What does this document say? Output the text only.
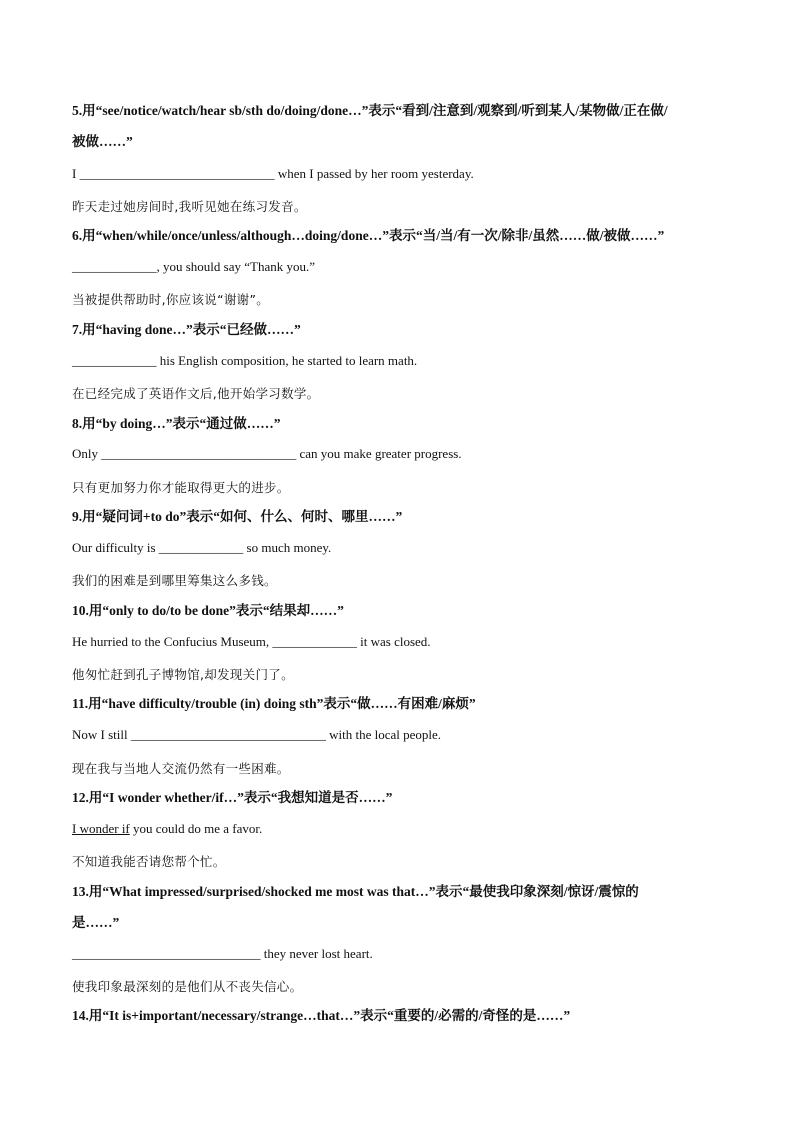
5.用“see/notice/watch/hear sb/sth do/doing/done…”表示“看到/注意到/观察到/听到某人/某物做/正在做/
被做……”
I ______________________________ when I passed by her room yesterday.
昨天走过她房间时,我听见她在练习发音。
6.用“when/while/once/unless/although…doing/done…”表示“当/当/有一次/除非/虽然……做/被做……”
_____________, you should say “Thank you.”
当被提供帮助时,你应该说“谢谢”。
7.用“having done…”表示“已经做……”
_____________ his English composition, he started to learn math.
在已经完成了英语作文后,他开始学习数学。
8.用“by doing…”表示“通过做……”
Only ______________________________ can you make greater progress.
只有更加努力你才能取得更大的进步。
9.用“疑问词+to do”表示“如何、什么、何时、哪里……”
Our difficulty is _____________ so much money.
我们的困难是到哪里筹集这么多钱。
10.用“only to do/to be done”表示“结果却……”
He hurried to the Confucius Museum, _____________ it was closed.
他匆忙赶到孔子博物馆,却发现关门了。
11.用“have difficulty/trouble (in) doing sth”表示“做……有困难/麻烦”
Now I still ______________________________ with the local people.
现在我与当地人交流仍然有一些困难。
12.用“I wonder whether/if…”表示“我想知道是否……”
I wonder if you could do me a favor.
不知道我能否请您帮个忙。
13.用“What impressed/surprised/shocked me most was that…”表示“最使我印象深刻/惊讶/震惊的
是……”
_____________________________ they never lost heart.
使我印象最深刻的是他们从不丧失信心。
14.用“It is+important/necessary/strange…that…”表示“重要的/必需的/奇怪的是……”
